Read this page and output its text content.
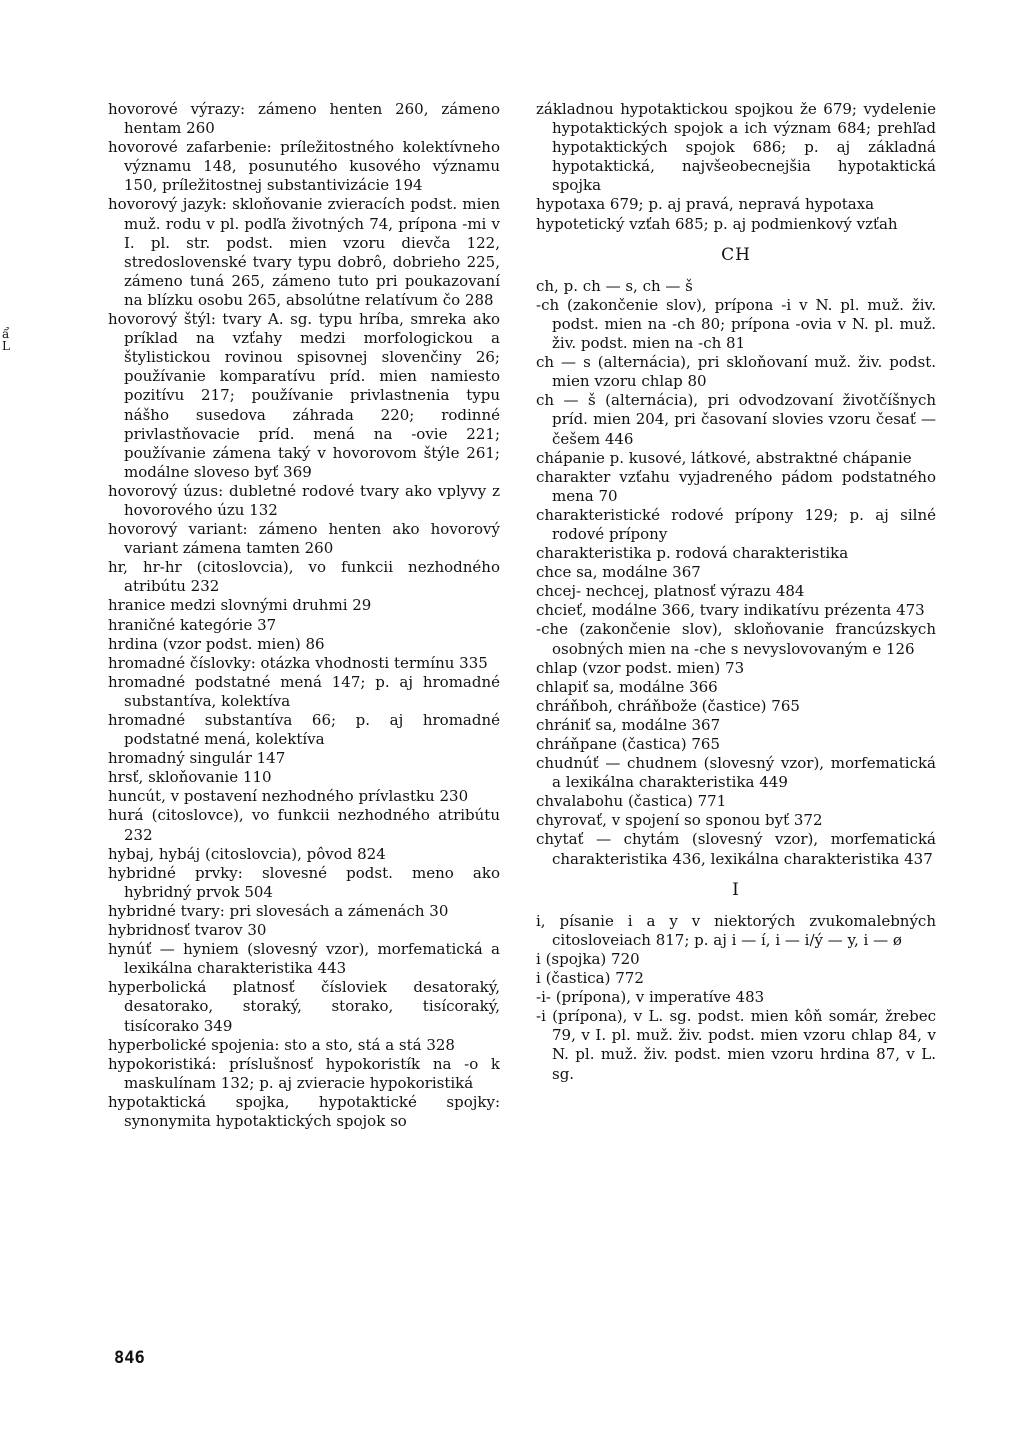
ẩ
L

hovorové výrazy: zámeno henten 260, zámeno hentam 260

hovorové zafarbenie: príležitostného kolektívneho významu 148, posunutého kusového významu 150, príležitostnej substantivizácie 194

hovorový jazyk: skloňovanie zvieracích podst. mien muž. rodu v pl. podľa životných 74, prípona -mi v I. pl. str. podst. mien vzoru dievča 122, stredoslovenské tvary typu dobrô, dobrieho 225, zámeno tuná 265, zámeno tuto pri poukazovaní na blízku osobu 265, absolútne relatívum čo 288

hovorový štýl: tvary A. sg. typu hríba, smreka ako príklad na vzťahy medzi morfologickou a štylistickou rovinou spisovnej slovenčiny 26; používanie komparatívu príd. mien namiesto pozitívu 217; používanie privlastnenia typu nášho susedova záhrada 220; rodinné privlastňovacie príd. mená na -ovie 221; používanie zámena taký v hovorovom štýle 261; modálne sloveso byť 369

hovorový úzus: dubletné rodové tvary ako vplyvy z hovorového úzu 132

hovorový variant: zámeno henten ako hovorový variant zámena tamten 260

hr, hr-hr (citoslovcia), vo funkcii nezhodného atribútu 232

hranice medzi slovnými druhmi 29

hraničné kategórie 37

hrdina (vzor podst. mien) 86

hromadné číslovky: otázka vhodnosti termínu 335

hromadné podstatné mená 147; p. aj hromadné substantíva, kolektíva

hromadné substantíva 66; p. aj hromadné podstatné mená, kolektíva

hromadný singulár 147

hrsť, skloňovanie 110

huncút, v postavení nezhodného prívlastku 230

hurá (citoslovce), vo funkcii nezhodného atribútu 232

hybaj, hybáj (citoslovcia), pôvod 824

hybridné prvky: slovesné podst. meno ako hybridný prvok 504

hybridné tvary: pri slovesách a zámenách 30

hybridnosť tvarov 30

hynúť — hyniem (slovesný vzor), morfematická a lexikálna charakteristika 443

hyperbolická platnosť čísloviek desatoraký, desatorako, storaký, storako, tisícoraký, tisícorako 349

hyperbolické spojenia: sto a sto, stá a stá 328

hypokoristiká: príslušnosť hypokoristík na -o k maskulínam 132; p. aj zvieracie hypokoristiká

hypotaktická spojka, hypotaktické spojky: synonymita hypotaktických spojok so

základnou hypotaktickou spojkou že 679; vydelenie hypotaktických spojok a ich význam 684; prehľad hypotaktických spojok 686; p. aj základná hypotaktická, najvšeobecnejšia hypotaktická spojka

hypotaxa 679; p. aj pravá, nepravá hypotaxa

hypotetický vzťah 685; p. aj podmienkový vzťah

CH

ch, p. ch — s, ch — š

-ch (zakončenie slov), prípona -i v N. pl. muž. živ. podst. mien na -ch 80; prípona -ovia v N. pl. muž. živ. podst. mien na -ch 81

ch — s (alternácia), pri skloňovaní muž. živ. podst. mien vzoru chlap 80

ch — š (alternácia), pri odvodzovaní životčíšnych príd. mien 204, pri časovaní slovies vzoru česať — češem 446

chápanie p. kusové, látkové, abstraktné chápanie

charakter vzťahu vyjadreného pádom podstatného mena 70

charakteristické rodové prípony 129; p. aj silné rodové prípony

charakteristika p. rodová charakteristika

chce sa, modálne 367

chcej- nechcej, platnosť výrazu 484

chcieť, modálne 366, tvary indikatívu prézenta 473

-che (zakončenie slov), skloňovanie francúzskych osobných mien na -che s nevyslovovaným e 126

chlap (vzor podst. mien) 73

chlapiť sa, modálne 366

chráňboh, chráňbože (častice) 765

chrániť sa, modálne 367

chráňpane (častica) 765

chudnúť — chudnem (slovesný vzor), morfematická a lexikálna charakteristika 449

chvalabohu (častica) 771

chyrovať, v spojení so sponou byť 372

chytať — chytám (slovesný vzor), morfematická charakteristika 436, lexikálna charakteristika 437

I

i, písanie i a y v niektorých zvukomalebných citosloveiach 817; p. aj i — í, i — i/ý — y, i — ø

i (spojka) 720

i (častica) 772

-i- (prípona), v imperatíve 483

-i (prípona), v L. sg. podst. mien kôň somár, žrebec 79, v I. pl. muž. živ. podst. mien vzoru chlap 84, v N. pl. muž. živ. podst. mien vzoru hrdina 87, v L. sg.

846
